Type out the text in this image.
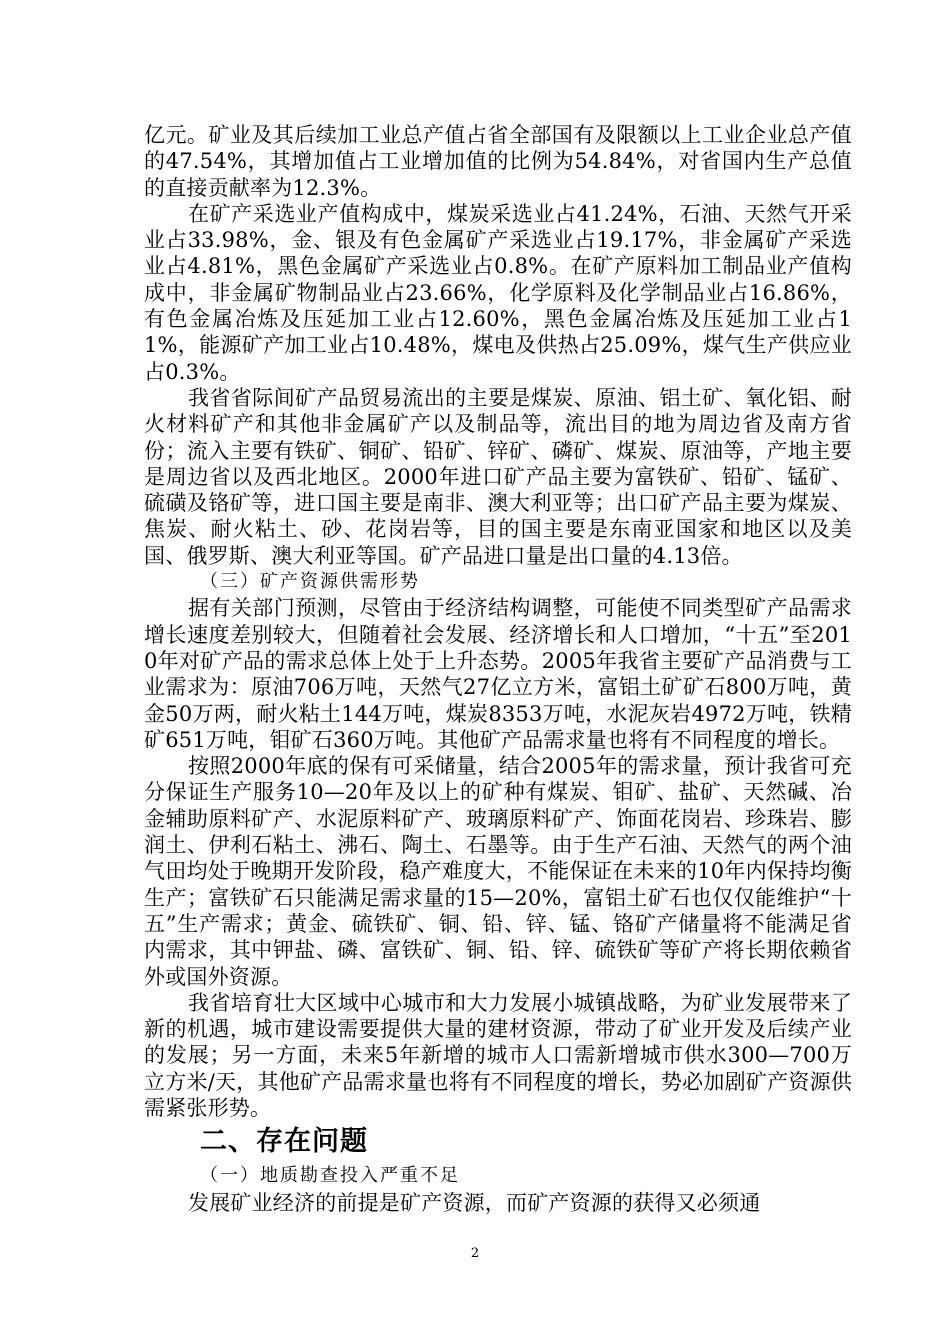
亿元。矿业及其后续加工业总产值占省全部国有及限额以上工业企业总产值的47.54%，其增加值占工业增加值的比例为54.84%，对省国内生产总值的直接贡献率为12.3%。

在矿产采选业产值构成中，煤炭采选业占41.24%，石油、天然气开采业占33.98%，金、银及有色金属矿产采选业占19.17%，非金属矿产采选业占4.81%，黑色金属矿产采选业占0.8%。在矿产原料加工制品业产值构成中，非金属矿物制品业占23.66%，化学原料及化学制品业占16.86%，有色金属冶炼及压延加工业占12.60%，黑色金属冶炼及压延加工业占11%，能源矿产加工业占10.48%，煤电及供热占25.09%，煤气生产供应业占0.3%。

我省省际间矿产品贸易流出的主要是煤炭、原油、铝土矿、氧化铝、耐火材料矿产和其他非金属矿产以及制品等，流出目的地为周边省及南方省份；流入主要有铁矿、铜矿、铅矿、锌矿、磷矿、煤炭、原油等，产地主要是周边省以及西北地区。2000年进口矿产品主要为富铁矿、铅矿、锰矿、硫磺及铬矿等，进口国主要是南非、澳大利亚等；出口矿产品主要为煤炭、焦炭、耐火粘土、砂、花岗岩等，目的国主要是东南亚国家和地区以及美国、俄罗斯、澳大利亚等国。矿产品进口量是出口量的4.13倍。

（三）矿产资源供需形势

据有关部门预测，尽管由于经济结构调整，可能使不同类型矿产品需求增长速度差别较大，但随着社会发展、经济增长和人口增加，“十五”至2010年对矿产品的需求总体上处于上升态势。2005年我省主要矿产品消费与工业需求为：原油706万吨，天然气27亿立方米，富铝土矿矿石800万吨，黄金50万两，耐火粘土144万吨，煤炭8353万吨，水泥灰岩4972万吨，铁精矿651万吨，钼矿石360万吨。其他矿产品需求量也将有不同程度的增长。

按照2000年底的保有可采储量，结合2005年的需求量，预计我省可充分保证生产服务10—20年及以上的矿种有煤炭、钼矿、盐矿、天然碱、冶金辅助原料矿产、水泥原料矿产、玻璃原料矿产、饰面花岗岩、珍珠岩、膨润土、伊利石粘土、沸石、陶土、石墨等。由于生产石油、天然气的两个油气田均处于晚期开发阶段，稳产难度大，不能保证在未来的10年内保持均衡生产；富铁矿石只能满足需求量的15—20%，富铝土矿石也仅仅能维护“十五”生产需求；黄金、硫铁矿、铜、铅、锌、锰、铬矿产储量将不能满足省内需求，其中钾盐、磷、富铁矿、铜、铅、锌、硫铁矿等矿产将长期依赖省外或国外资源。

我省培育壮大区域中心城市和大力发展小城镇战略，为矿业发展带来了新的机遇，城市建设需要提供大量的建材资源，带动了矿业开发及后续产业的发展；另一方面，未来5年新增的城市人口需新增城市供水300—700万立方米/天，其他矿产品需求量也将有不同程度的增长，势必加剧矿产资源供需紧张形势。

二、存在问题

（一）地质勘查投入严重不足

发展矿业经济的前提是矿产资源，而矿产资源的获得又必须通

2
